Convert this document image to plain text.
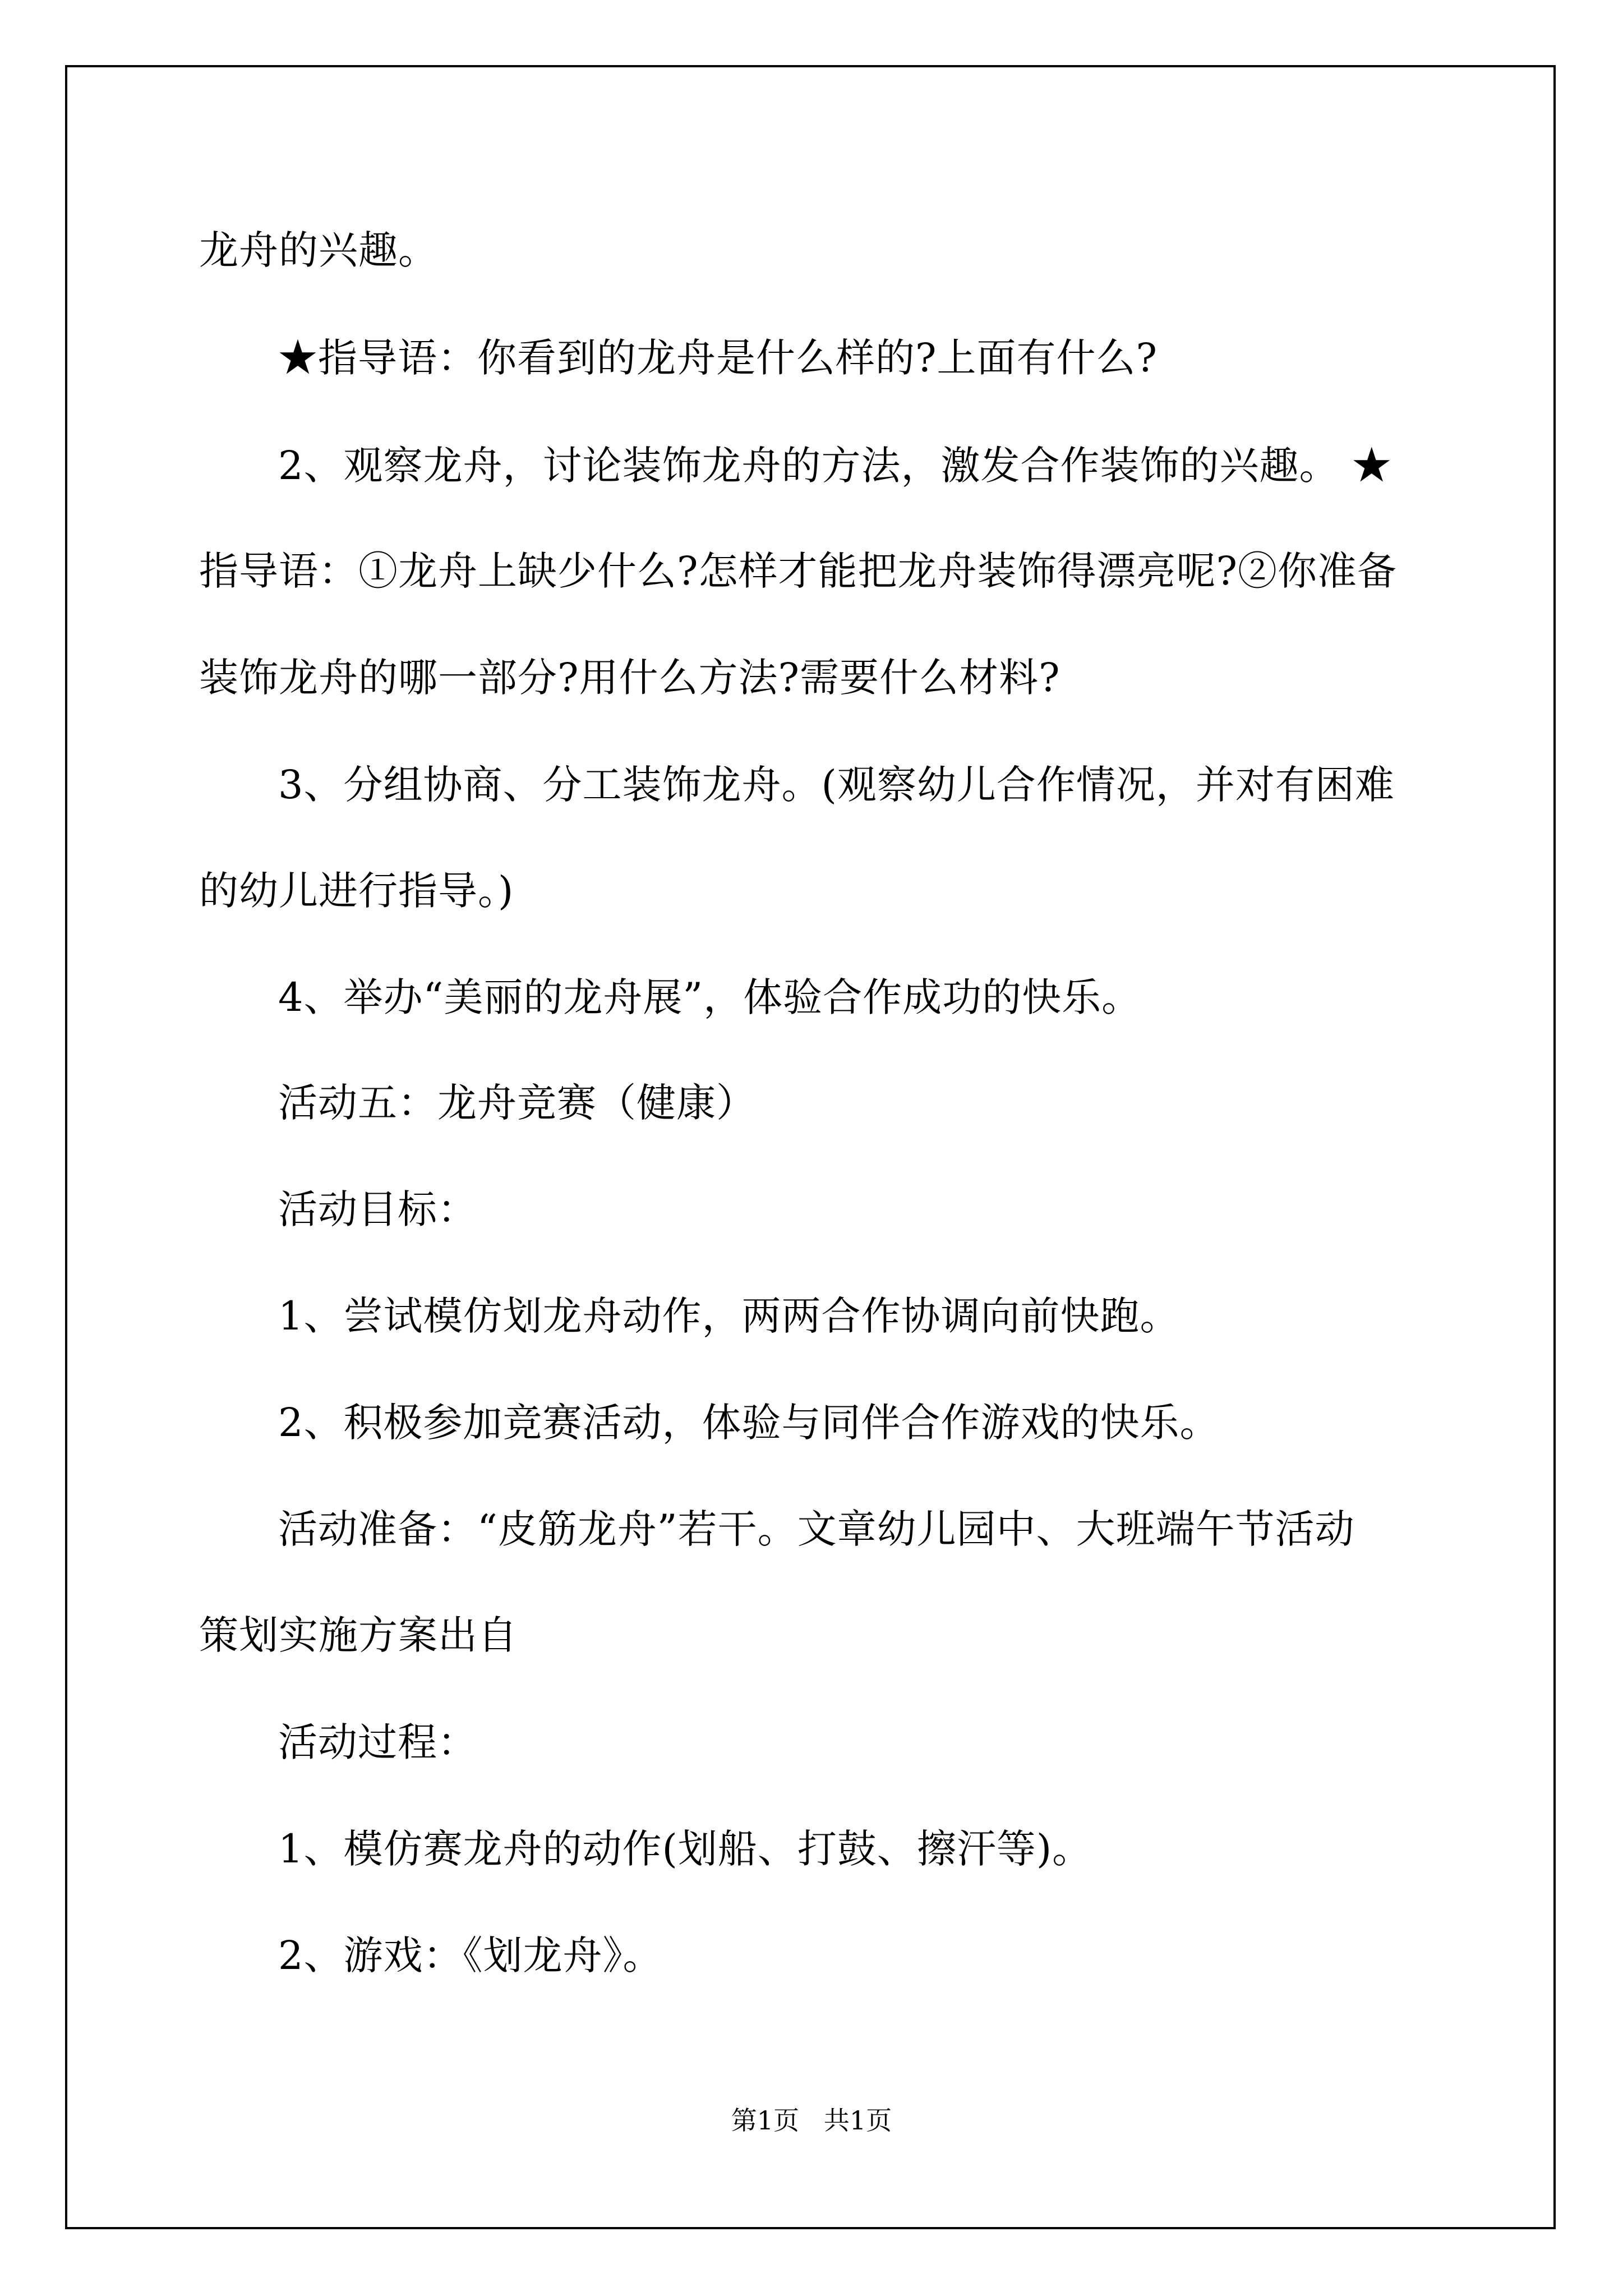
龙舟的兴趣。
★指导语：你看到的龙舟是什么样的?上面有什么?
2、观察龙舟，讨论装饰龙舟的方法，激发合作装饰的兴趣。 ★
指导语：①龙舟上缺少什么?怎样才能把龙舟装饰得漂亮呢?②你准备
装饰龙舟的哪一部分?用什么方法?需要什么材料?
3、分组协商、分工装饰龙舟。(观察幼儿合作情况，并对有困难
的幼儿进行指导。)
4、举办“美丽的龙舟展”，体验合作成功的快乐。
活动五：龙舟竞赛（健康）
活动目标：
1、尝试模仿划龙舟动作，两两合作协调向前快跑。
2、积极参加竞赛活动，体验与同伴合作游戏的快乐。
活动准备：“皮筋龙舟”若干。文章幼儿园中、大班端午节活动
策划实施方案出自
活动过程：
1、模仿赛龙舟的动作(划船、打鼓、擦汗等)。
2、游戏：《划龙舟》。
第1页   共1页
